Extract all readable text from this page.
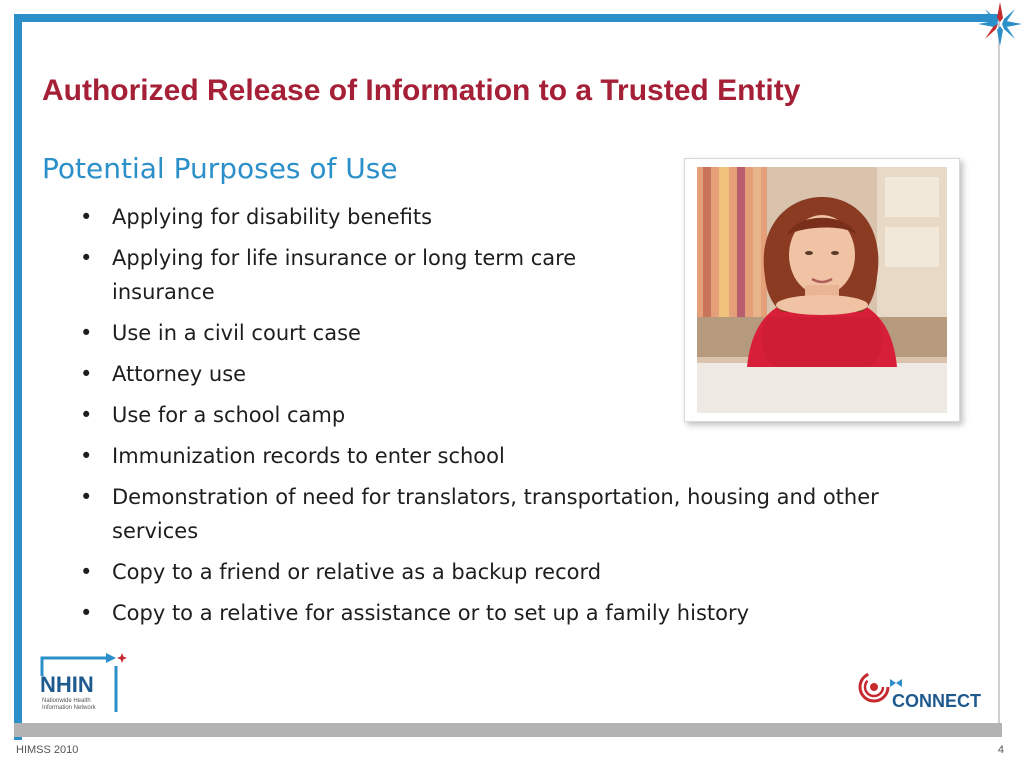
Authorized Release of Information to a Trusted Entity
Potential Purposes of Use
• Applying for disability benefits
• Applying for life insurance or long term care insurance
• Use in a civil court case
• Attorney use
• Use for a school camp
• Immunization records to enter school
• Demonstration of need for translators, transportation, housing and other services
• Copy to a friend or relative as a backup record
• Copy to a relative for assistance or to set up a family history
NHIN
Nationwide Health
Information Network	CONNECT
HIMSS 2010	4
